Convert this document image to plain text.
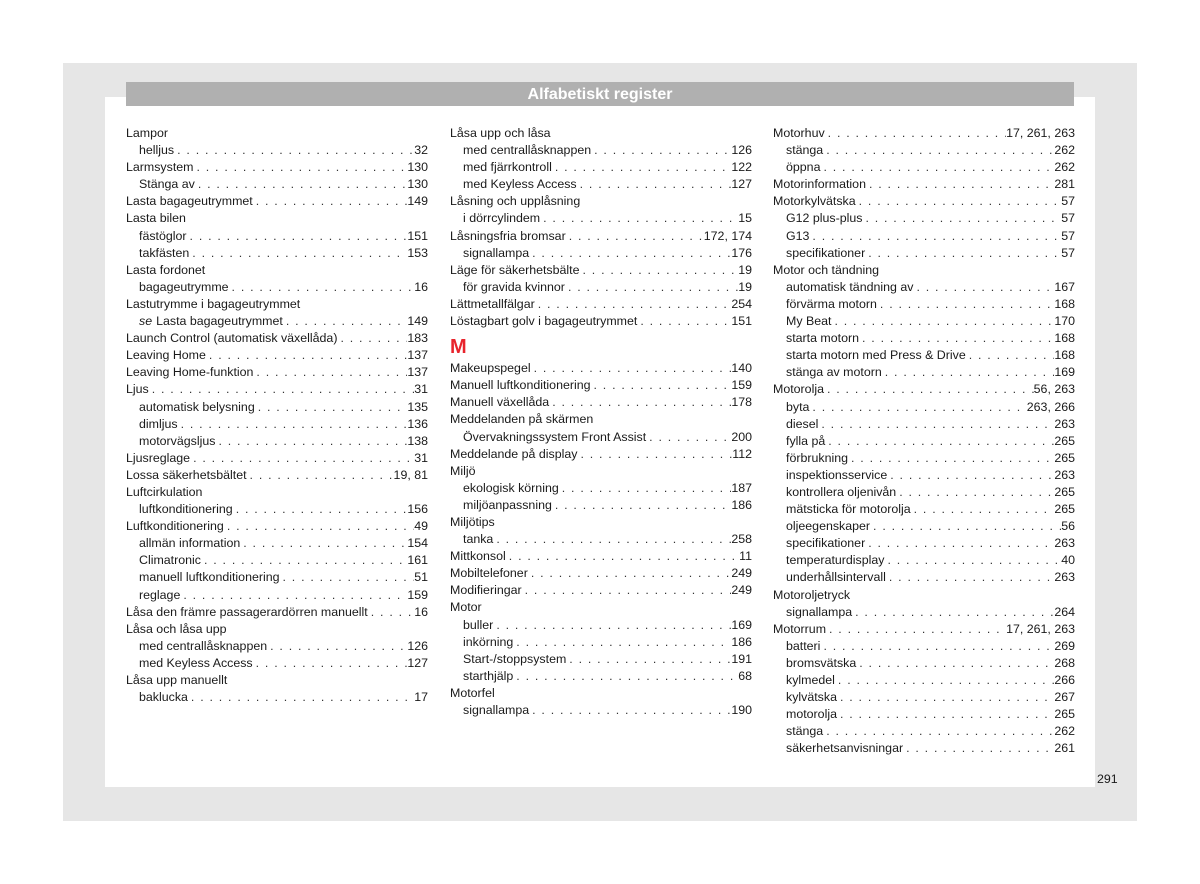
Alfabetiskt register
Lampor
helljus . . .	32
Larmsystem . . .	130
Stänga av . . .	130
Lasta bagageutrymmet . . .	149
Lasta bilen
fästöglor . . .	151
takfästen . . .	153
Lasta fordonet
bagageutrymme . . .	16
Lastutrymme i bagageutrymmet
se Lasta bagageutrymmet . . .	149
Launch Control (automatisk växellåda) . . .	183
Leaving Home . . .	137
Leaving Home-funktion . . .	137
Ljus . . .	31
automatisk belysning . . .	135
dimljus . . .	136
motorvägsljus . . .	138
Ljusreglage . . .	31
Lossa säkerhetsbältet . . .	19, 81
Luftcirkulation
luftkonditionering . . .	156
Luftkonditionering . . .	49
allmän information . . .	154
Climatronic . . .	161
manuell luftkonditionering . . .	51
reglage . . .	159
Låsa den främre passagerardörren manuellt . . .	16
Låsa och låsa upp
med centrallåsknappen . . .	126
med Keyless Access . . .	127
Låsa upp manuellt
baklucka . . .	17
Låsa upp och låsa
med centrallåsknappen . . .	126
med fjärrkontroll . . .	122
med Keyless Access . . .	127
Låsning och upplåsning
i dörrcylindem . . .	15
Låsningsfria bromsar . . .	172, 174
signallampa . . .	176
Läge för säkerhetsbälte . . .	19
för gravida kvinnor . . .	19
Lättmetallfälgar . . .	254
Löstagbart golv i bagageutrymmet . . .	151
M
Makeupspegel . . .	140
Manuell luftkonditionering . . .	159
Manuell växellåda . . .	178
Meddelanden på skärmen
Övervakningssystem Front Assist . . .	200
Meddelande på display . . .	112
Miljö
ekologisk körning . . .	187
miljöanpassning . . .	186
Miljötips
tanka . . .	258
Mittkonsol . . .	11
Mobiltelefoner . . .	249
Modifieringar . . .	249
Motor
buller . . .	169
inkörning . . .	186
Start-/stoppsystem . . .	191
starthjälp . . .	68
Motorfel
signallampa . . .	190
Motorhuv . . .	17, 261, 263
stänga . . .	262
öppna . . .	262
Motorinformation . . .	281
Motorkylvätska . . .	57
G12 plus-plus . . .	57
G13 . . .	57
specifikationer . . .	57
Motor och tändning
automatisk tändning av . . .	167
förvärma motorn . . .	168
My Beat . . .	170
starta motorn . . .	168
starta motorn med Press & Drive . . .	168
stänga av motorn . . .	169
Motorolja . . .	56, 263
byta . . .	263, 266
diesel . . .	263
fylla på . . .	265
förbrukning . . .	265
inspektionsservice . . .	263
kontrollera oljenivån . . .	265
mätsticka för motorolja . . .	265
oljeegenskaper . . .	56
specifikationer . . .	263
temperaturdisplay . . .	40
underhållsintervall . . .	263
Motoroljetryck
signallampa . . .	264
Motorrum . . .	17, 261, 263
batteri . . .	269
bromsvätska . . .	268
kylmedel . . .	266
kylvätska . . .	267
motorolja . . .	265
stänga . . .	262
säkerhetsanvisningar . . .	261
291
